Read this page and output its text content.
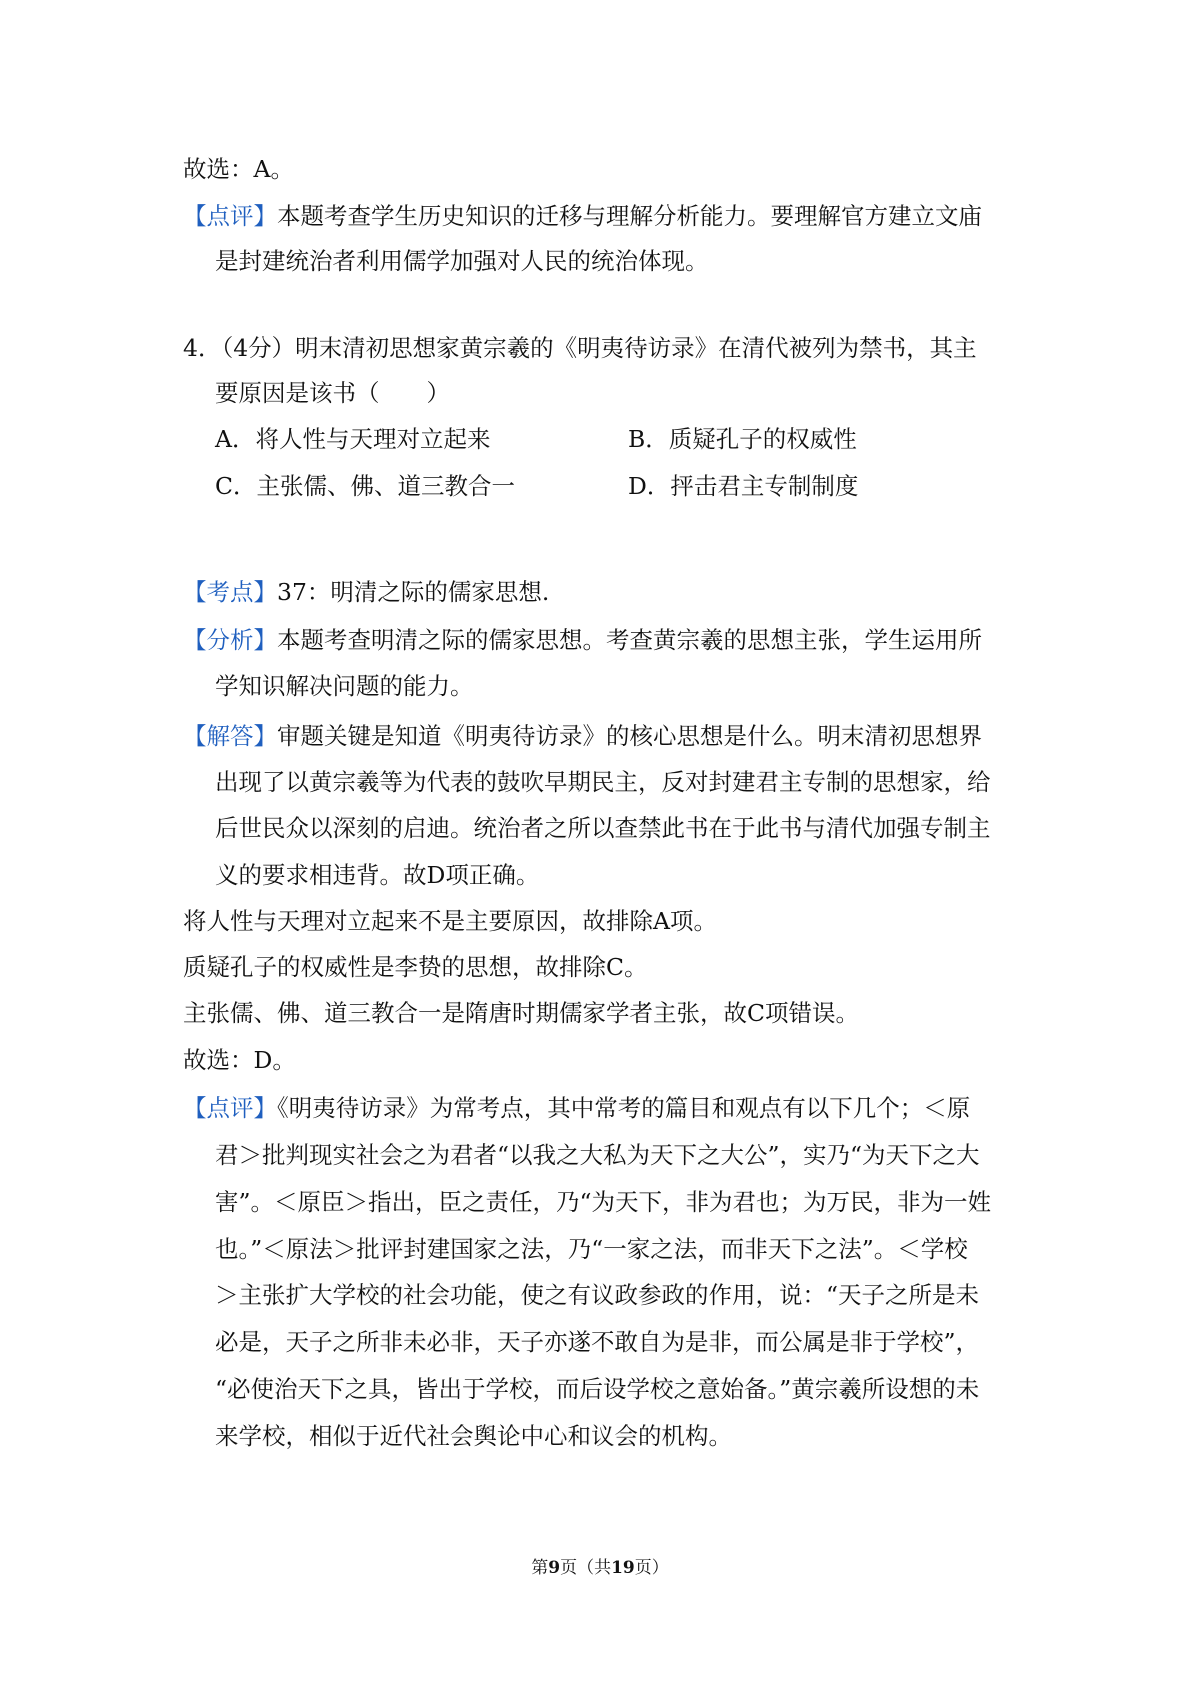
故选：A。
【点评】本题考查学生历史知识的迁移与理解分析能力。要理解官方建立文庙
是封建统治者利用儒学加强对人民的统治体现。
4．（4分）明末清初思想家黄宗羲的《明夷待访录》在清代被列为禁书，其主
要原因是该书（　　）
A．将人性与天理对立起来	B．质疑孔子的权威性
C．主张儒、佛、道三教合一	D．抨击君主专制制度
【考点】37：明清之际的儒家思想.
【分析】本题考查明清之际的儒家思想。考查黄宗羲的思想主张，学生运用所
学知识解决问题的能力。
【解答】审题关键是知道《明夷待访录》的核心思想是什么。明末清初思想界
出现了以黄宗羲等为代表的鼓吹早期民主，反对封建君主专制的思想家，给
后世民众以深刻的启迪。统治者之所以查禁此书在于此书与清代加强专制主
义的要求相违背。故D项正确。
将人性与天理对立起来不是主要原因，故排除A项。
质疑孔子的权威性是李贽的思想，故排除C。
主张儒、佛、道三教合一是隋唐时期儒家学者主张，故C项错误。
故选：D。
【点评】《明夷待访录》为常考点，其中常考的篇目和观点有以下几个；＜原
君＞批判现实社会之为君者“以我之大私为天下之大公”，实乃“为天下之大
害”。＜原臣＞指出，臣之责任，乃“为天下，非为君也；为万民，非为一姓
也。”＜原法＞批评封建国家之法，乃“一家之法，而非天下之法”。＜学校
＞主张扩大学校的社会功能，使之有议政参政的作用，说：“天子之所是未
必是，天子之所非未必非，天子亦遂不敢自为是非，而公属是非于学校”，
“必使治天下之具，皆出于学校，而后设学校之意始备。”黄宗羲所设想的未
来学校，相似于近代社会舆论中心和议会的机构。
第9页（共19页）
